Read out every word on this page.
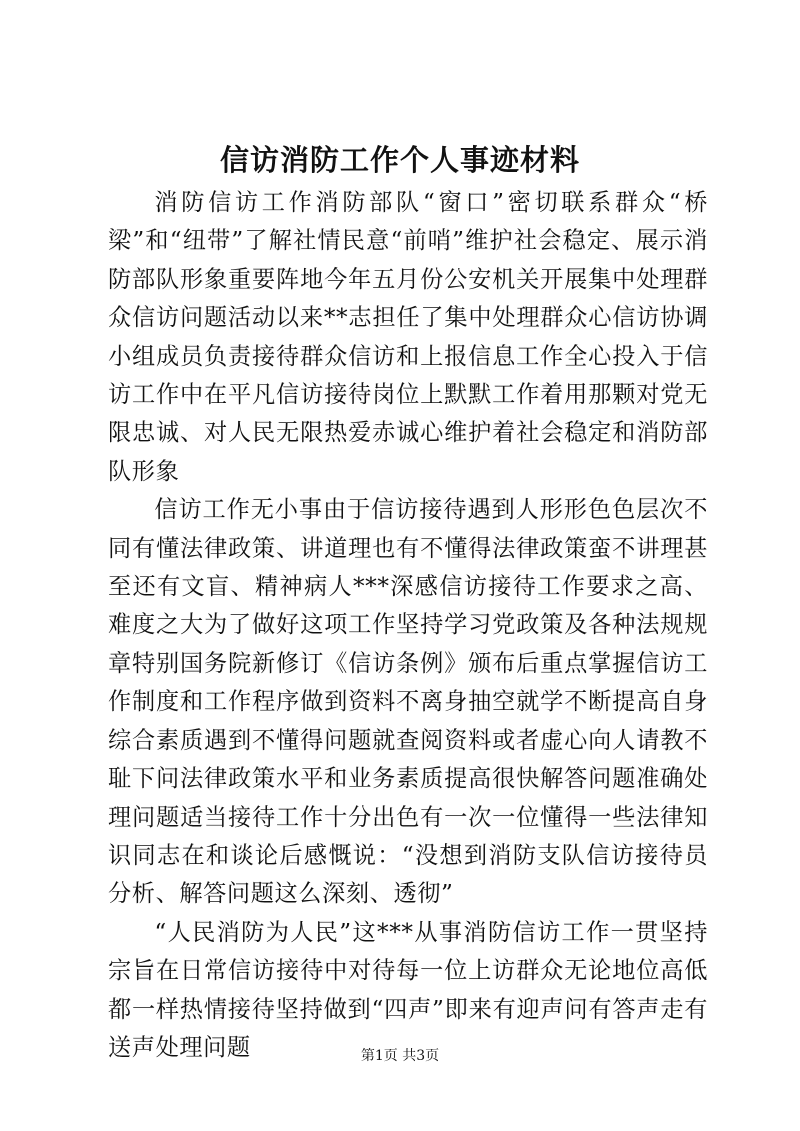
信访消防工作个人事迹材料

消防信访工作消防部队“窗口”密切联系群众“桥梁”和“纽带”了解社情民意“前哨”维护社会稳定、展示消防部队形象重要阵地今年五月份公安机关开展集中处理群众信访问题活动以来**志担任了集中处理群众心信访协调小组成员负责接待群众信访和上报信息工作全心投入于信访工作中在平凡信访接待岗位上默默工作着用那颗对党无限忠诚、对人民无限热爱赤诚心维护着社会稳定和消防部队形象

信访工作无小事由于信访接待遇到人形形色色层次不同有懂法律政策、讲道理也有不懂得法律政策蛮不讲理甚至还有文盲、精神病人***深感信访接待工作要求之高、难度之大为了做好这项工作坚持学习党政策及各种法规规章特别国务院新修订《信访条例》颁布后重点掌握信访工作制度和工作程序做到资料不离身抽空就学不断提高自身综合素质遇到不懂得问题就查阅资料或者虚心向人请教不耻下问法律政策水平和业务素质提高很快解答问题准确处理问题适当接待工作十分出色有一次一位懂得一些法律知识同志在和谈论后感慨说：“没想到消防支队信访接待员分析、解答问题这么深刻、透彻”

“人民消防为人民”这***从事消防信访工作一贯坚持宗旨在日常信访接待中对待每一位上访群众无论地位高低都一样热情接待坚持做到“四声”即来有迎声问有答声走有送声处理问题	第1页 共3页
